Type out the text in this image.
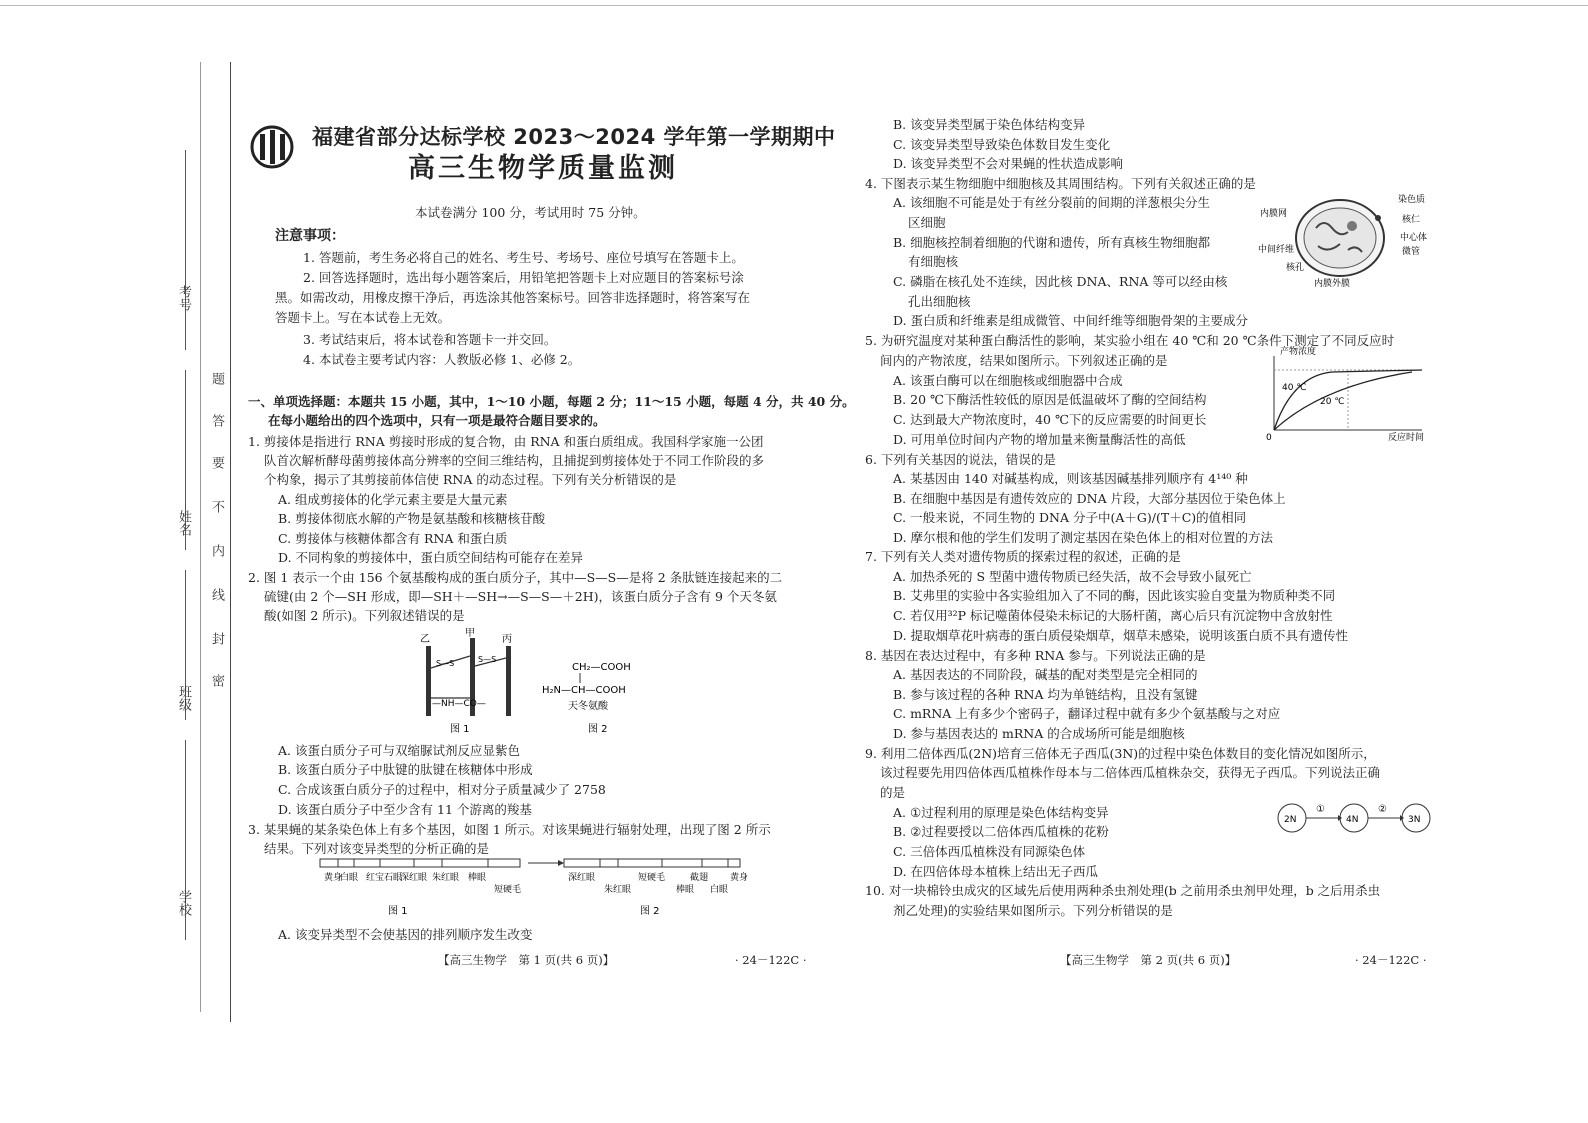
考号
姓名
班级
学校
题
答
要
不
内
线
封
密
福建省部分达标学校 2023～2024 学年第一学期期中
高三生物学质量监测
本试卷满分 100 分，考试用时 75 分钟。
注意事项：
1. 答题前，考生务必将自己的姓名、考生号、考场号、座位号填写在答题卡上。
2. 回答选择题时，选出每小题答案后，用铅笔把答题卡上对应题目的答案标号涂
黑。如需改动，用橡皮擦干净后，再选涂其他答案标号。回答非选择题时，将答案写在
答题卡上。写在本试卷上无效。
3. 考试结束后，将本试卷和答题卡一并交回。
4. 本试卷主要考试内容：人教版必修 1、必修 2。
一、单项选择题：本题共 15 小题，其中，1～10 小题，每题 2 分；11～15 小题，每题 4 分，共 40 分。
在每小题给出的四个选项中，只有一项是最符合题目要求的。
1. 剪接体是指进行 RNA 剪接时形成的复合物，由 RNA 和蛋白质组成。我国科学家施一公团
队首次解析酵母菌剪接体高分辨率的空间三维结构，且捕捉到剪接体处于不同工作阶段的多
个构象，揭示了其剪接前体信使 RNA 的动态过程。下列有关分析错误的是
A. 组成剪接体的化学元素主要是大量元素
B. 剪接体彻底水解的产物是氨基酸和核糖核苷酸
C. 剪接体与核糖体都含有 RNA 和蛋白质
D. 不同构象的剪接体中，蛋白质空间结构可能存在差异
2. 图 1 表示一个由 156 个氨基酸构成的蛋白质分子，其中—S—S—是将 2 条肽链连接起来的二
硫键(由 2 个—SH 形成，即—SH＋—SH→—S—S—＋2H)，该蛋白质分子含有 9 个天冬氨
酸(如图 2 所示)。下列叙述错误的是
乙
甲
丙
S—S	S—S
—NH—CO—
图 1
CH₂—COOH
H₂N—CH—COOH
天冬氨酸
图 2
A. 该蛋白质分子可与双缩脲试剂反应显紫色
B. 该蛋白质分子中肽键的肽键在核糖体中形成
C. 合成该蛋白质分子的过程中，相对分子质量减少了 2758
D. 该蛋白质分子中至少含有 11 个游离的羧基
3. 某果蝇的某条染色体上有多个基因，如图 1 所示。对该果蝇进行辐射处理，出现了图 2 所示
结果。下列对该变异类型的分析正确的是
黄身
白眼 红宝石眼
深红眼 朱红眼 棒眼
短硬毛
深红眼
朱红眼
短硬毛
棒眼
截翅
白眼
黄身
图 1	图 2
A. 该变异类型不会使基因的排列顺序发生改变
【高三生物学　第 1 页(共 6 页)】	· 24－122C ·
B. 该变异类型属于染色体结构变异
C. 该变异类型导致染色体数目发生变化
D. 该变异类型不会对果蝇的性状造成影响
4. 下图表示某生物细胞中细胞核及其周围结构。下列有关叙述正确的是
A. 该细胞不可能是处于有丝分裂前的间期的洋葱根尖分生
区细胞
B. 细胞核控制着细胞的代谢和遗传，所有真核生物细胞都
有细胞核
C. 磷脂在核孔处不连续，因此核 DNA、RNA 等可以经由核
孔出细胞核
D. 蛋白质和纤维素是组成微管、中间纤维等细胞骨架的主要成分
内膜网
中间纤维
核孔
内膜外膜
染色质
核仁
中心体
微管
5. 为研究温度对某种蛋白酶活性的影响，某实验小组在 40 ℃和 20 ℃条件下测定了不同反应时
间内的产物浓度，结果如图所示。下列叙述正确的是
A. 该蛋白酶可以在细胞核或细胞器中合成
B. 20 ℃下酶活性较低的原因是低温破坏了酶的空间结构
C. 达到最大产物浓度时，40 ℃下的反应需要的时间更长
D. 可用单位时间内产物的增加量来衡量酶活性的高低
产物浓度
反应时间
0
40 ℃
20 ℃
6. 下列有关基因的说法，错误的是
A. 某基因由 140 对碱基构成，则该基因碱基排列顺序有 4¹⁴⁰ 种
B. 在细胞中基因是有遗传效应的 DNA 片段，大部分基因位于染色体上
C. 一般来说，不同生物的 DNA 分子中(A＋G)/(T＋C)的值相同
D. 摩尔根和他的学生们发明了测定基因在染色体上的相对位置的方法
7. 下列有关人类对遗传物质的探索过程的叙述，正确的是
A. 加热杀死的 S 型菌中遗传物质已经失活，故不会导致小鼠死亡
B. 艾弗里的实验中各实验组加入了不同的酶，因此该实验自变量为物质种类不同
C. 若仅用³²P 标记噬菌体侵染未标记的大肠杆菌，离心后只有沉淀物中含放射性
D. 提取烟草花叶病毒的蛋白质侵染烟草，烟草未感染，说明该蛋白质不具有遗传性
8. 基因在表达过程中，有多种 RNA 参与。下列说法正确的是
A. 基因表达的不同阶段，碱基的配对类型是完全相同的
B. 参与该过程的各种 RNA 均为单链结构，且没有氢键
C. mRNA 上有多少个密码子，翻译过程中就有多少个氨基酸与之对应
D. 参与基因表达的 mRNA 的合成场所可能是细胞核
9. 利用二倍体西瓜(2N)培育三倍体无子西瓜(3N)的过程中染色体数目的变化情况如图所示，
该过程要先用四倍体西瓜植株作母本与二倍体西瓜植株杂交，获得无子西瓜。下列说法正确
的是
A. ①过程利用的原理是染色体结构变异
B. ②过程要授以二倍体西瓜植株的花粉
C. 三倍体西瓜植株没有同源染色体
D. 在四倍体母本植株上结出无子西瓜
2N	4N	3N
①	②
10. 对一块棉铃虫成灾的区域先后使用两种杀虫剂处理(b 之前用杀虫剂甲处理，b 之后用杀虫
剂乙处理)的实验结果如图所示。下列分析错误的是
【高三生物学　第 2 页(共 6 页)】	· 24－122C ·
